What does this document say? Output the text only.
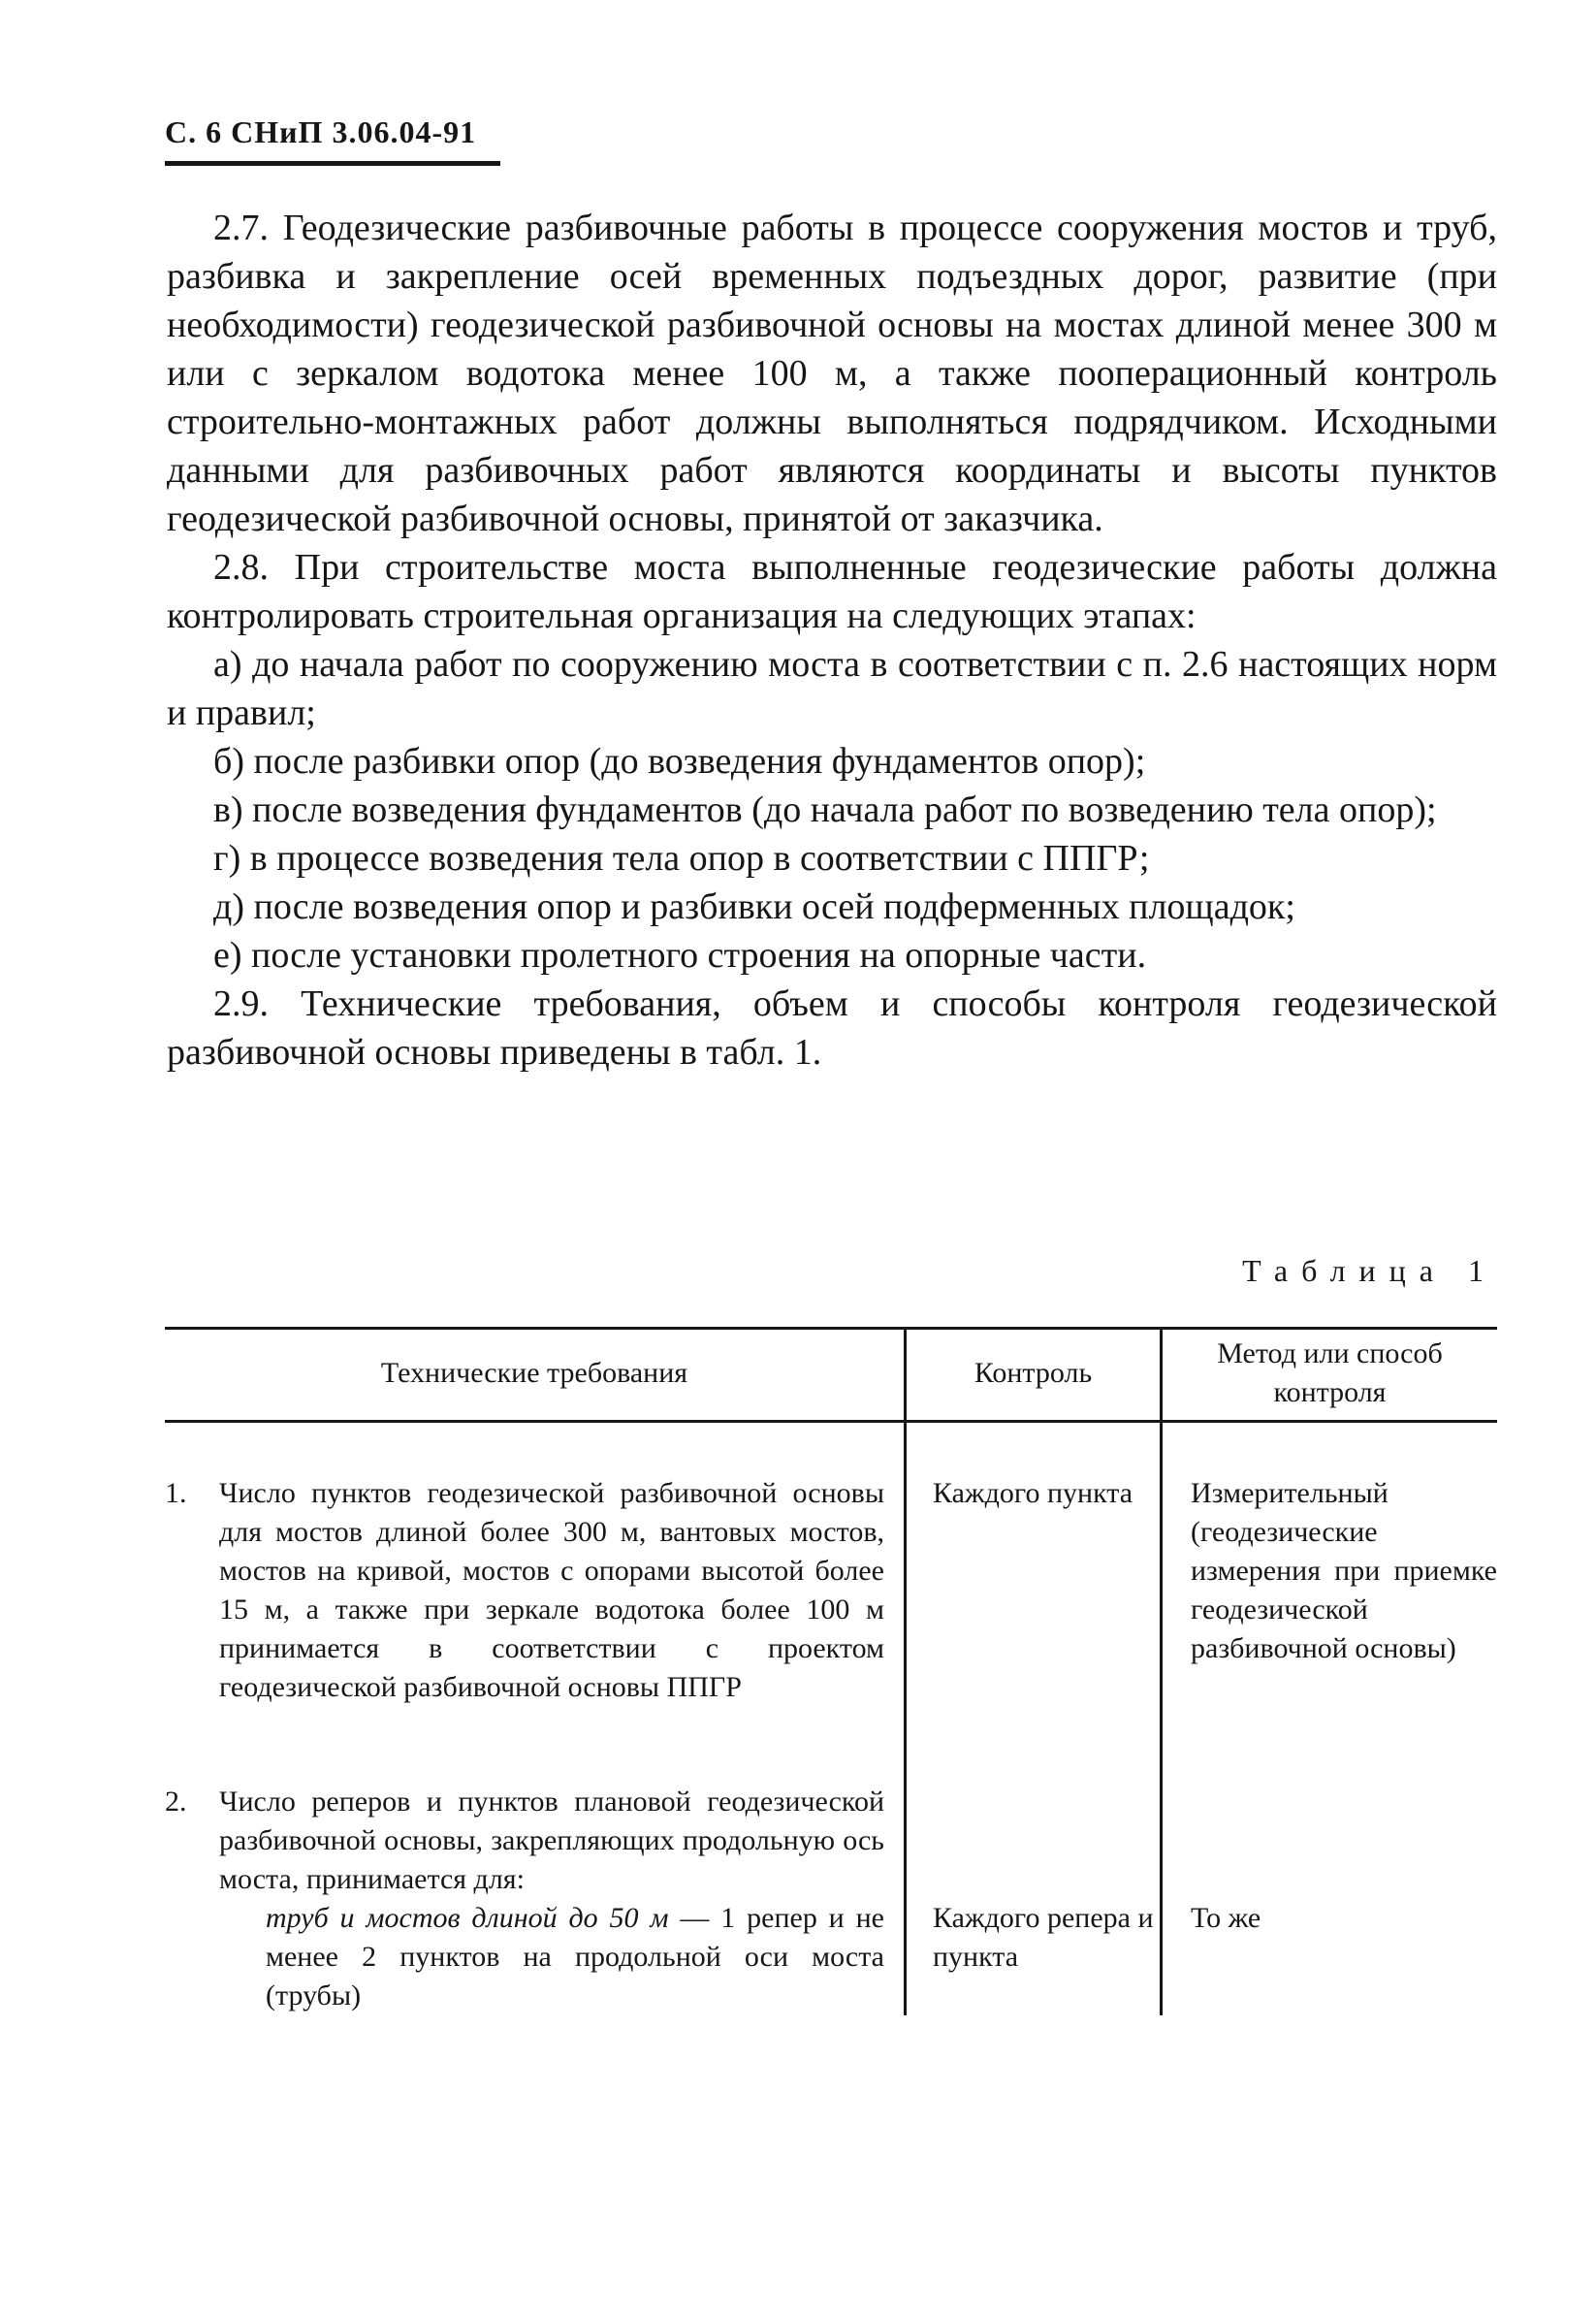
С. 6 СНиП 3.06.04-91

2.7. Геодезические разбивочные работы в процессе сооружения мостов и труб, разбивка и закрепление осей временных подъездных дорог, развитие (при необходимости) геодезической разбивочной основы на мостах длиной менее 300 м или с зеркалом водотока менее 100 м, а также пооперационный контроль строительно-монтажных работ должны выполняться подрядчиком. Исходными данными для разбивочных работ являются координаты и высоты пунктов геодезической разбивочной основы, принятой от заказчика.

2.8. При строительстве моста выполненные геодезические работы должна контролировать строительная организация на следующих этапах:

а) до начала работ по сооружению моста в соответствии с п. 2.6 настоящих норм и правил;

б) после разбивки опор (до возведения фундаментов опор);

в) после возведения фундаментов (до начала работ по возведению тела опор);

г) в процессе возведения тела опор в соответствии с ППГР;

д) после возведения опор и разбивки осей подферменных площадок;

е) после установки пролетного строения на опорные части.

2.9. Технические требования, объем и способы контроля геодезической разбивочной основы приведены в табл. 1.

Таблица 1
Технические требования	Контроль
Метод или способ контроля
1. Число пунктов геодезической разбивочной основы для мостов длиной более 300 м, вантовых мостов, мостов на кривой, мостов с опорами высотой более 15 м, а также при зеркале водотока более 100 м принимается в соответствии с проектом геодезической разбивочной основы ППГР
Каждого пункта	Измерительный (геодезические измерения при приемке геодезической разбивочной основы)
2. Число реперов и пунктов плановой геодезической разбивочной основы, закрепляющих продольную ось моста, принимается для:
труб и мостов длиной до 50 м — 1 репер и не менее 2 пунктов на продольной оси моста (трубы)
Каждого репера и пункта
То же
